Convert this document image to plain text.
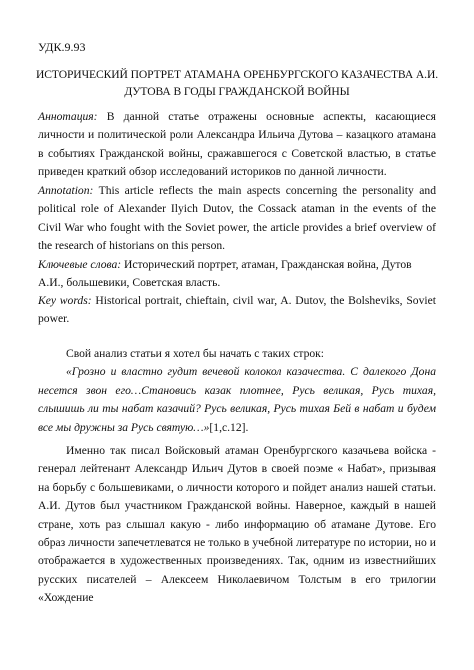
УДК.9.93
ИСТОРИЧЕСКИЙ ПОРТРЕТ АТАМАНА ОРЕНБУРГСКОГО КАЗАЧЕСТВА А.И.
ДУТОВА В ГОДЫ ГРАЖДАНСКОЙ ВОЙНЫ
Аннотация: В данной статье отражены основные аспекты, касающиеся личности и политической роли Александра Ильича Дутова – казацкого атамана в событиях Гражданской войны, сражавшегося с Советской властью, в статье приведен краткий обзор исследований историков по данной личности.
Annotation: This article reflects the main aspects concerning the personality and political role of Alexander Ilyich Dutov, the Cossack ataman in the events of the Civil War who fought with the Soviet power, the article provides a brief overview of the research of historians on this person.
Ключевые слова: Исторический портрет, атаман, Гражданская война, Дутов А.И., большевики, Советская власть.
Key words: Historical portrait, chieftain, civil war, A. Dutov, the Bolsheviks, Soviet power.

Свой анализ статьи я хотел бы начать с таких строк:

«Грозно и властно гудит вечевой колокол казачества. С далекого Дона несется звон его…Становись казак плотнее, Русь великая, Русь тихая, слышишь ли ты набат казачий? Русь великая, Русь тихая Бей в набат и будем все мы дружны за Русь святую…»[1,с.12].

Именно так писал Войсковый атаман Оренбургского казачьева войска - генерал лейтенант Александр Ильич Дутов в своей поэме « Набат», призывая на борьбу с большевиками, о личности которого и пойдет анализ нашей статьи. А.И. Дутов был участником Гражданской войны. Наверное, каждый в нашей стране, хоть раз слышал какую - либо информацию об атамане Дутове. Его образ личности запечетлеватся не только в учебной литературе по истории, но и отображается в художественных произведениях. Так, одним из известнийших русских писателей – Алексеем Николаевичом Толстым в его трилогии «Хождение
